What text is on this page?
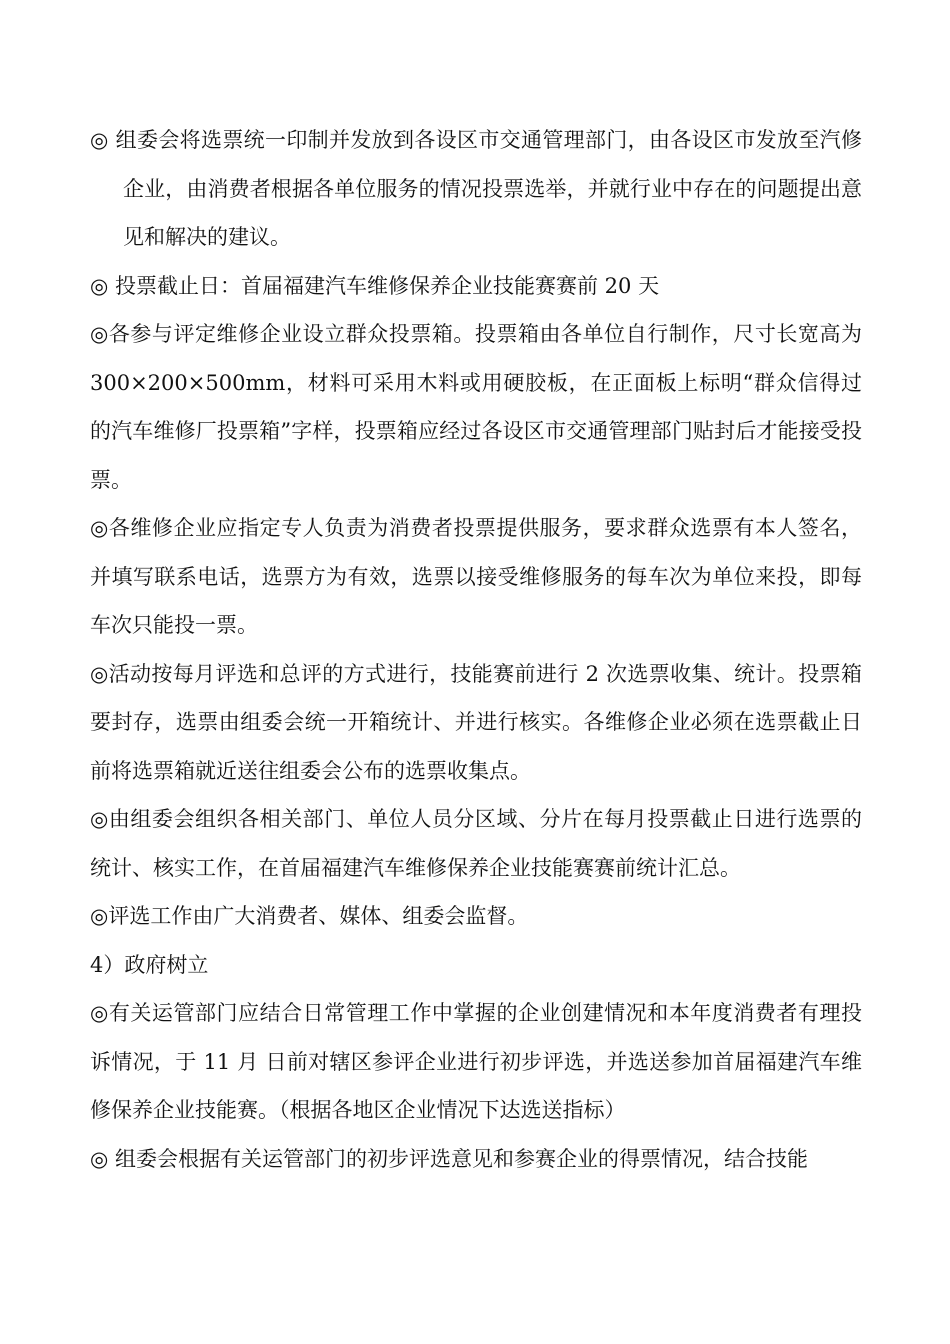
◎ 组委会将选票统一印制并发放到各设区市交通管理部门，由各设区市发放至汽修企业，由消费者根据各单位服务的情况投票选举，并就行业中存在的问题提出意见和解决的建议。

◎ 投票截止日：首届福建汽车维修保养企业技能赛赛前 20 天

◎各参与评定维修企业设立群众投票箱。投票箱由各单位自行制作，尺寸长宽高为 300×200×500mm，材料可采用木料或用硬胶板，在正面板上标明“群众信得过的汽车维修厂投票箱”字样，投票箱应经过各设区市交通管理部门贴封后才能接受投票。

◎各维修企业应指定专人负责为消费者投票提供服务，要求群众选票有本人签名，并填写联系电话，选票方为有效，选票以接受维修服务的每车次为单位来投，即每车次只能投一票。

◎活动按每月评选和总评的方式进行，技能赛前进行 2 次选票收集、统计。投票箱要封存，选票由组委会统一开箱统计、并进行核实。各维修企业必须在选票截止日前将选票箱就近送往组委会公布的选票收集点。

◎由组委会组织各相关部门、单位人员分区域、分片在每月投票截止日进行选票的统计、核实工作，在首届福建汽车维修保养企业技能赛赛前统计汇总。

◎评选工作由广大消费者、媒体、组委会监督。

4）政府树立

◎有关运管部门应结合日常管理工作中掌握的企业创建情况和本年度消费者有理投诉情况，于 11 月 日前对辖区参评企业进行初步评选，并选送参加首届福建汽车维修保养企业技能赛。（根据各地区企业情况下达选送指标）

◎ 组委会根据有关运管部门的初步评选意见和参赛企业的得票情况，结合技能
